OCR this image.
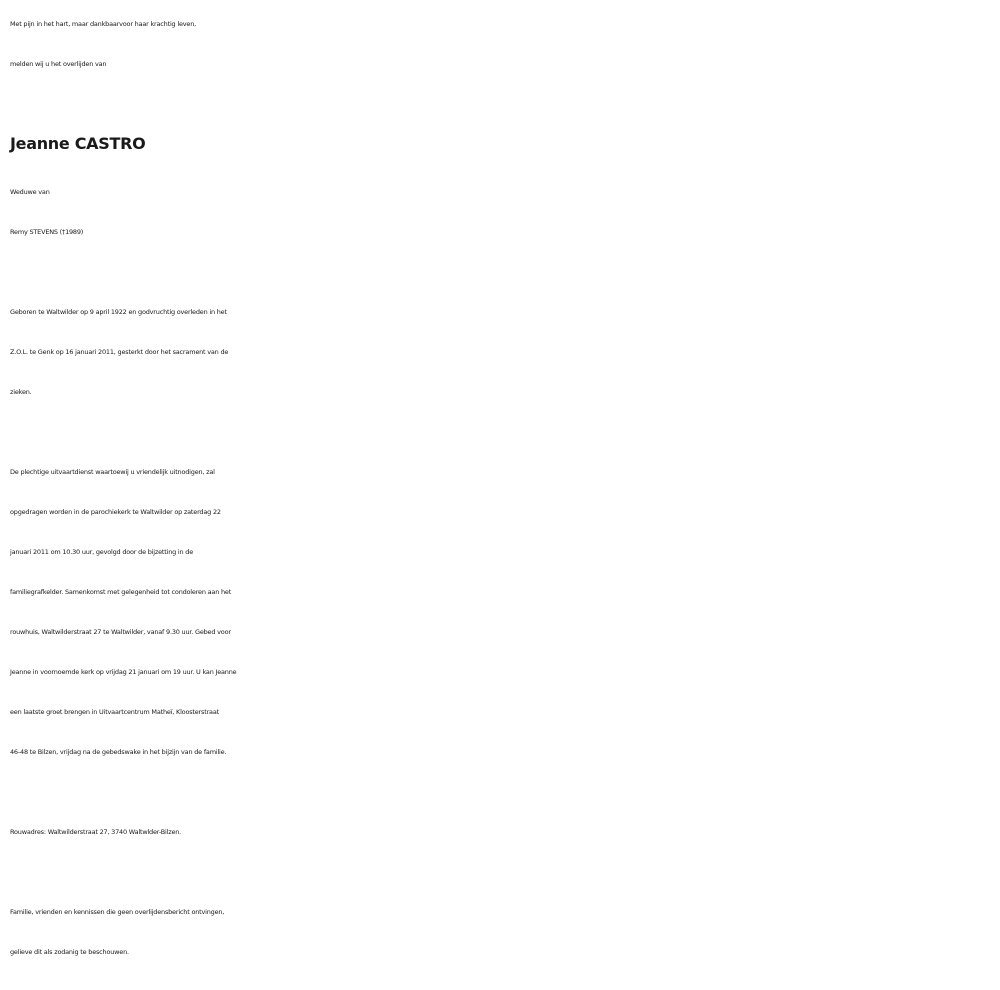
Met pijn in het hart, maar dankbaarvoor haar krachtig leven,
melden wij u het overlijden van
Jeanne CASTRO
Weduwe van
Remy STEVENS (†1989)
Geboren te Waltwilder op 9 april 1922 en godvruchtig overleden in het
Z.O.L. te Genk op 16 januari 2011, gesterkt door het sacrament van de
zieken.
De plechtige uitvaartdienst waartoewij u vriendelijk uitnodigen, zal
opgedragen worden in de parochiekerk te Waltwilder op zaterdag 22
januari 2011 om 10.30 uur, gevolgd door de bijzetting in de
familiegrafkelder. Samenkomst met gelegenheid tot condoleren aan het
rouwhuis, Waltwilderstraat 27 te Waltwilder, vanaf 9.30 uur. Gebed voor
Jeanne in voornoemde kerk op vrijdag 21 januari om 19 uur. U kan Jeanne
een laatste groet brengen in Uitvaartcentrum Matheï, Kloosterstraat
46-48 te Bilzen, vrijdag na de gebedswake in het bijzijn van de familie.
Rouwadres: Waltwilderstraat 27, 3740 Waltwlder-Bilzen.
Familie, vrienden en kennissen die geen overlijdensbericht ontvingen,
gelieve dit als zodanig te beschouwen.
